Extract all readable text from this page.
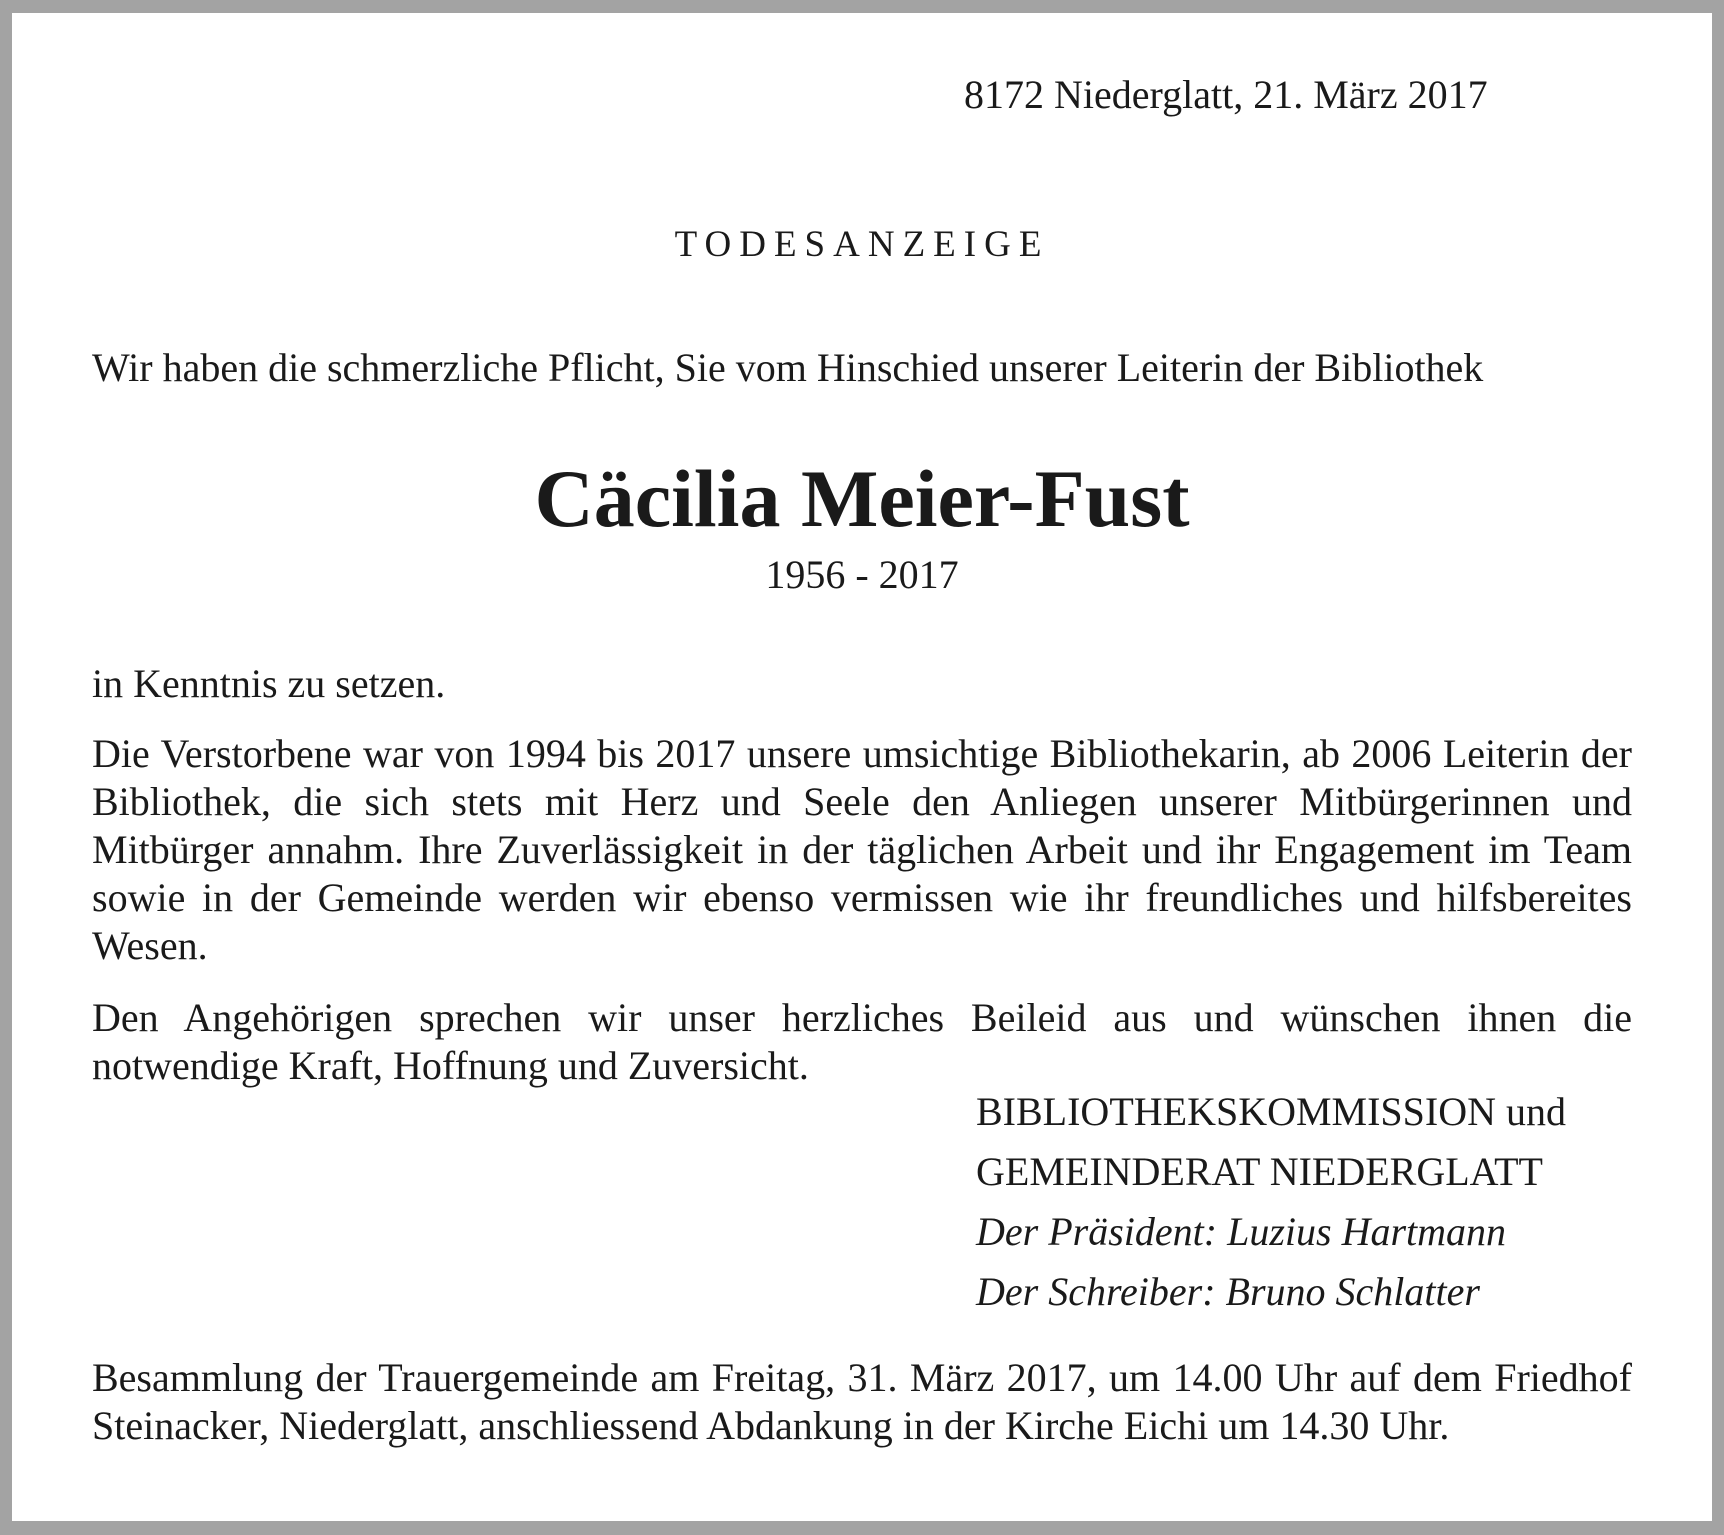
8172 Niederglatt, 21. März 2017

TODESANZEIGE

Wir haben die schmerzliche Pflicht, Sie vom Hinschied unserer Leiterin der Bibliothek

Cäcilia Meier-Fust

1956 - 2017

in Kenntnis zu setzen.

Die Verstorbene war von 1994 bis 2017 unsere umsichtige Bibliothekarin, ab 2006 Leiterin der Bibliothek, die sich stets mit Herz und Seele den Anliegen unserer Mitbürgerinnen und Mitbürger annahm. Ihre Zuverlässigkeit in der täglichen Arbeit und ihr Engagement im Team sowie in der Gemeinde werden wir ebenso vermissen wie ihr freundliches und hilfsbereites Wesen.

Den Angehörigen sprechen wir unser herzliches Beileid aus und wünschen ihnen die notwendige Kraft, Hoffnung und Zuversicht.

BIBLIOTHEKSKOMMISSION und

GEMEINDERAT NIEDERGLATT

Der Präsident: Luzius Hartmann

Der Schreiber: Bruno Schlatter

Besammlung der Trauergemeinde am Freitag, 31. März 2017, um 14.00 Uhr auf dem Friedhof Steinacker, Niederglatt, anschliessend Abdankung in der Kirche Eichi um 14.30 Uhr.
